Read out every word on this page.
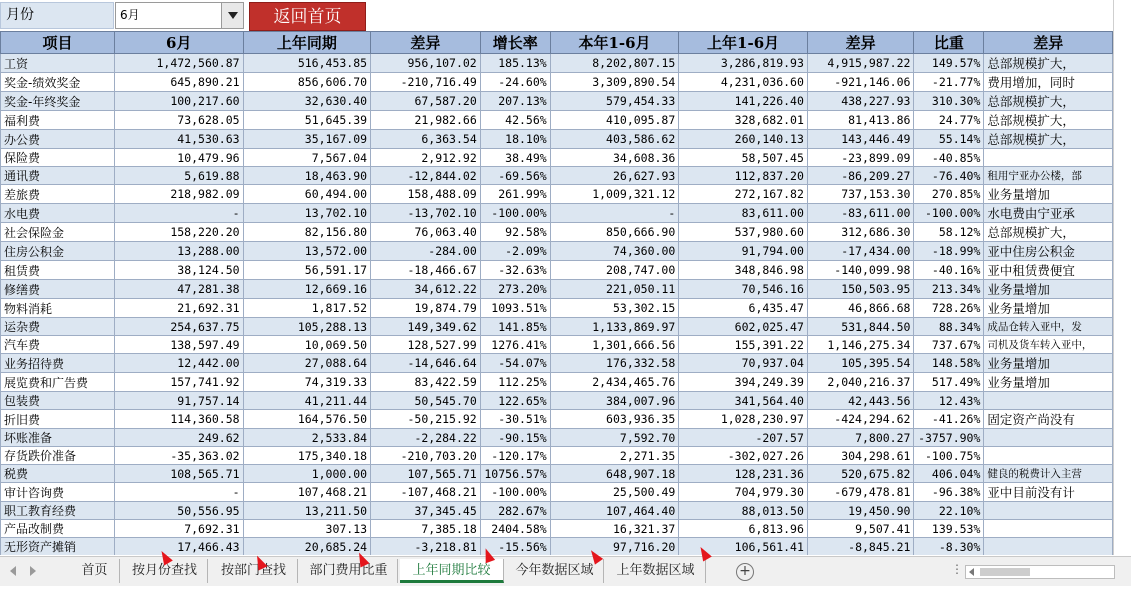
月份	6月	返回首页
项目	6月	上年同期	差异	增长率	本年1-6月	上年1-6月	差异	比重	差异
工资	1,472,560.87	516,453.85	956,107.02	185.13%	8,202,807.15	3,286,819.93	4,915,987.22	149.57%	总部规模扩大，
奖金-绩效奖金	645,890.21	856,606.70	-210,716.49	-24.60%	3,309,890.54	4,231,036.60	-921,146.06	-21.77%	费用增加，同时
奖金-年终奖金	100,217.60	32,630.40	67,587.20	207.13%	579,454.33	141,226.40	438,227.93	310.30%	总部规模扩大，
福利费	73,628.05	51,645.39	21,982.66	42.56%	410,095.87	328,682.01	81,413.86	24.77%	总部规模扩大，
办公费	41,530.63	35,167.09	6,363.54	18.10%	403,586.62	260,140.13	143,446.49	55.14%	总部规模扩大，
保险费	10,479.96	7,567.04	2,912.92	38.49%	34,608.36	58,507.45	-23,899.09	-40.85%	
通讯费	5,619.88	18,463.90	-12,844.02	-69.56%	26,627.93	112,837.20	-86,209.27	-76.40%	租用宁亚办公楼，部
差旅费	218,982.09	60,494.00	158,488.09	261.99%	1,009,321.12	272,167.82	737,153.30	270.85%	业务量增加
水电费	-	13,702.10	-13,702.10	-100.00%	-	83,611.00	-83,611.00	-100.00%	水电费由宁亚承
社会保险金	158,220.20	82,156.80	76,063.40	92.58%	850,666.90	537,980.60	312,686.30	58.12%	总部规模扩大，
住房公积金	13,288.00	13,572.00	-284.00	-2.09%	74,360.00	91,794.00	-17,434.00	-18.99%	亚中住房公积金
租赁费	38,124.50	56,591.17	-18,466.67	-32.63%	208,747.00	348,846.98	-140,099.98	-40.16%	亚中租赁费便宜
修缮费	47,281.38	12,669.16	34,612.22	273.20%	221,050.11	70,546.16	150,503.95	213.34%	业务量增加
物料消耗	21,692.31	1,817.52	19,874.79	1093.51%	53,302.15	6,435.47	46,866.68	728.26%	业务量增加
运杂费	254,637.75	105,288.13	149,349.62	141.85%	1,133,869.97	602,025.47	531,844.50	88.34%	成品仓转入亚中，发
汽车费	138,597.49	10,069.50	128,527.99	1276.41%	1,301,666.56	155,391.22	1,146,275.34	737.67%	司机及货车转入亚中，
业务招待费	12,442.00	27,088.64	-14,646.64	-54.07%	176,332.58	70,937.04	105,395.54	148.58%	业务量增加
展览费和广告费	157,741.92	74,319.33	83,422.59	112.25%	2,434,465.76	394,249.39	2,040,216.37	517.49%	业务量增加
包装费	91,757.14	41,211.44	50,545.70	122.65%	384,007.96	341,564.40	42,443.56	12.43%	
折旧费	114,360.58	164,576.50	-50,215.92	-30.51%	603,936.35	1,028,230.97	-424,294.62	-41.26%	固定资产尚没有
坏账准备	249.62	2,533.84	-2,284.22	-90.15%	7,592.70	-207.57	7,800.27	-3757.90%	
存货跌价准备	-35,363.02	175,340.18	-210,703.20	-120.17%	2,271.35	-302,027.26	304,298.61	-100.75%	
税费	108,565.71	1,000.00	107,565.71	10756.57%	648,907.18	128,231.36	520,675.82	406.04%	健良的税费计入主营
审计咨询费	-	107,468.21	-107,468.21	-100.00%	25,500.49	704,979.30	-679,478.81	-96.38%	亚中目前没有计
职工教育经费	50,556.95	13,211.50	37,345.45	282.67%	107,464.40	88,013.50	19,450.90	22.10%	
产品改制费	7,692.31	307.13	7,385.18	2404.58%	16,321.37	6,813.96	9,507.41	139.53%	
无形资产摊销	17,466.43	20,685.24	-3,218.81	-15.56%	97,716.20	106,561.41	-8,845.21	-8.30%	

首页	按月份查找	按部门查找	部门费用比重	上年同期比较	今年数据区域	上年数据区域	+	⋮
